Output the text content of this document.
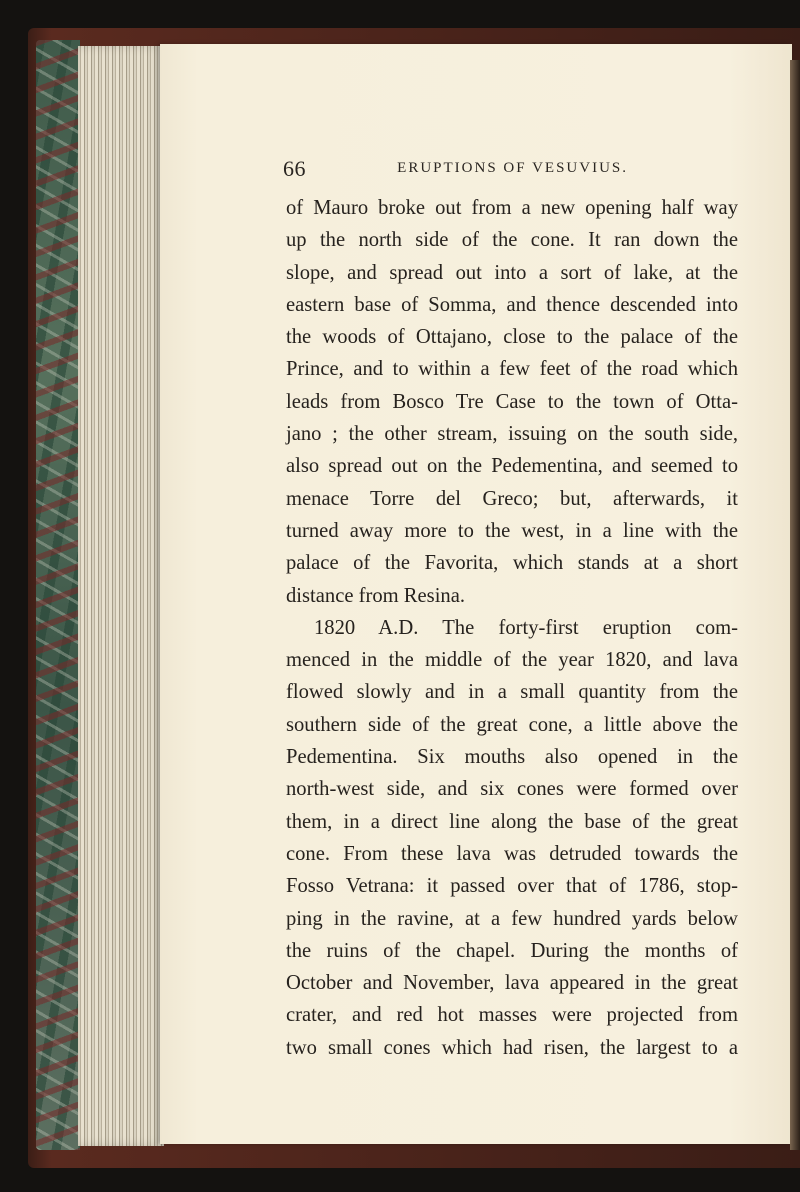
66	ERUPTIONS OF VESUVIUS.
of Mauro broke out from a new opening half way
up the north side of the cone. It ran down the
slope, and spread out into a sort of lake, at the
eastern base of Somma, and thence descended into
the woods of Ottajano, close to the palace of the
Prince, and to within a few feet of the road which
leads from Bosco Tre Case to the town of Otta-
jano ; the other stream, issuing on the south side,
also spread out on the Pedementina, and seemed to
menace Torre del Greco; but, afterwards, it
turned away more to the west, in a line with the
palace of the Favorita, which stands at a short
distance from Resina.
1820 A.D. The forty-first eruption com-
menced in the middle of the year 1820, and lava
flowed slowly and in a small quantity from the
southern side of the great cone, a little above the
Pedementina. Six mouths also opened in the
north-west side, and six cones were formed over
them, in a direct line along the base of the great
cone. From these lava was detruded towards the
Fosso Vetrana: it passed over that of 1786, stop-
ping in the ravine, at a few hundred yards below
the ruins of the chapel. During the months of
October and November, lava appeared in the great
crater, and red hot masses were projected from
two small cones which had risen, the largest to a
